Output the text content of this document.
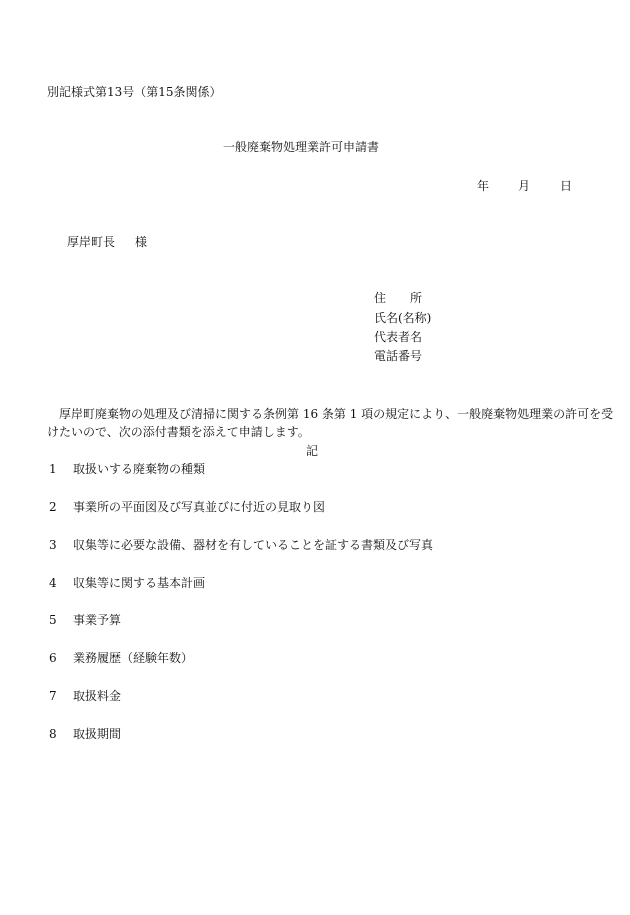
別記様式第13号（第15条関係）
一般廃棄物処理業許可申請書
年 月 日
厚岸町長 様
住 所
氏名(名称)
代表者名
電話番号
厚岸町廃棄物の処理及び清掃に関する条例第 16 条第 1 項の規定により、一般廃棄物処理業の許可を受けたいので、次の添付書類を添えて申請します。
記
1 取扱いする廃棄物の種類
2 事業所の平面図及び写真並びに付近の見取り図
3 収集等に必要な設備、器材を有していることを証する書類及び写真
4 収集等に関する基本計画
5 事業予算
6 業務履歴（経験年数）
7 取扱料金
8 取扱期間
